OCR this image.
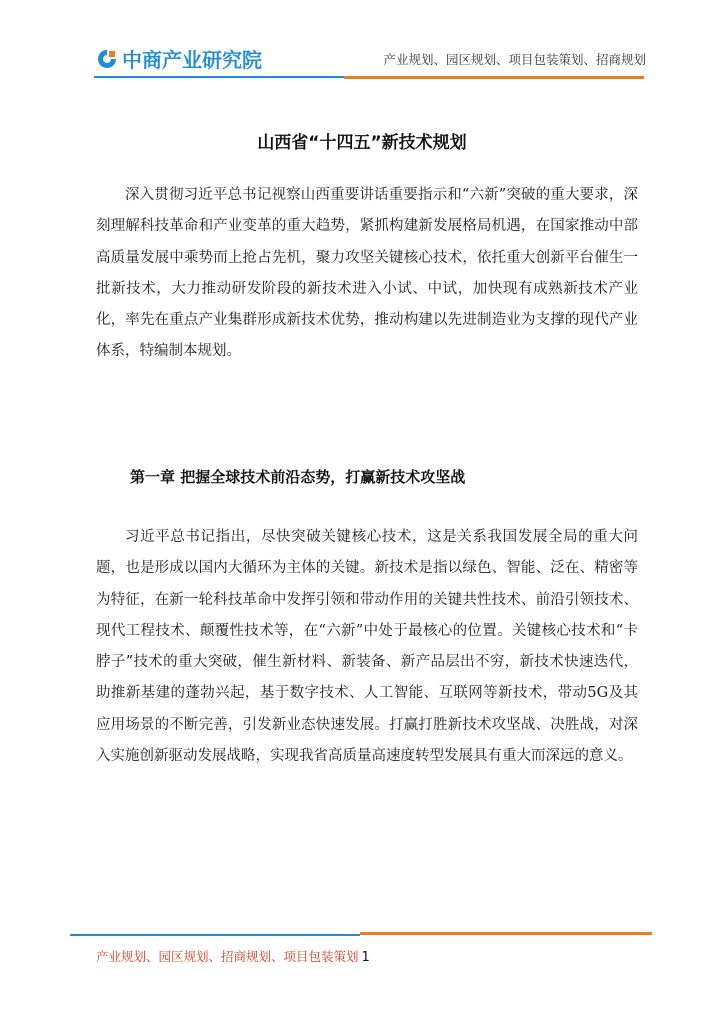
中商产业研究院	产业规划、园区规划、项目包装策划、招商规划
山西省“十四五”新技术规划

深入贯彻习近平总书记视察山西重要讲话重要指示和“六新”突破的重大要求，深刻理解科技革命和产业变革的重大趋势，紧抓构建新发展格局机遇，在国家推动中部高质量发展中乘势而上抢占先机，聚力攻坚关键核心技术，依托重大创新平台催生一批新技术，大力推动研发阶段的新技术进入小试、中试，加快现有成熟新技术产业化，率先在重点产业集群形成新技术优势，推动构建以先进制造业为支撑的现代产业体系，特编制本规划。

第一章 把握全球技术前沿态势，打赢新技术攻坚战

习近平总书记指出，尽快突破关键核心技术，这是关系我国发展全局的重大问题，也是形成以国内大循环为主体的关键。新技术是指以绿色、智能、泛在、精密等为特征，在新一轮科技革命中发挥引领和带动作用的关键共性技术、前沿引领技术、现代工程技术、颠覆性技术等，在“六新”中处于最核心的位置。关键核心技术和“卡脖子”技术的重大突破，催生新材料、新装备、新产品层出不穷，新技术快速迭代，助推新基建的蓬勃兴起，基于数字技术、人工智能、互联网等新技术，带动5G及其应用场景的不断完善，引发新业态快速发展。打赢打胜新技术攻坚战、决胜战，对深入实施创新驱动发展战略，实现我省高质量高速度转型发展具有重大而深远的意义。

产业规划、园区规划、招商规划、项目包装策划 1
